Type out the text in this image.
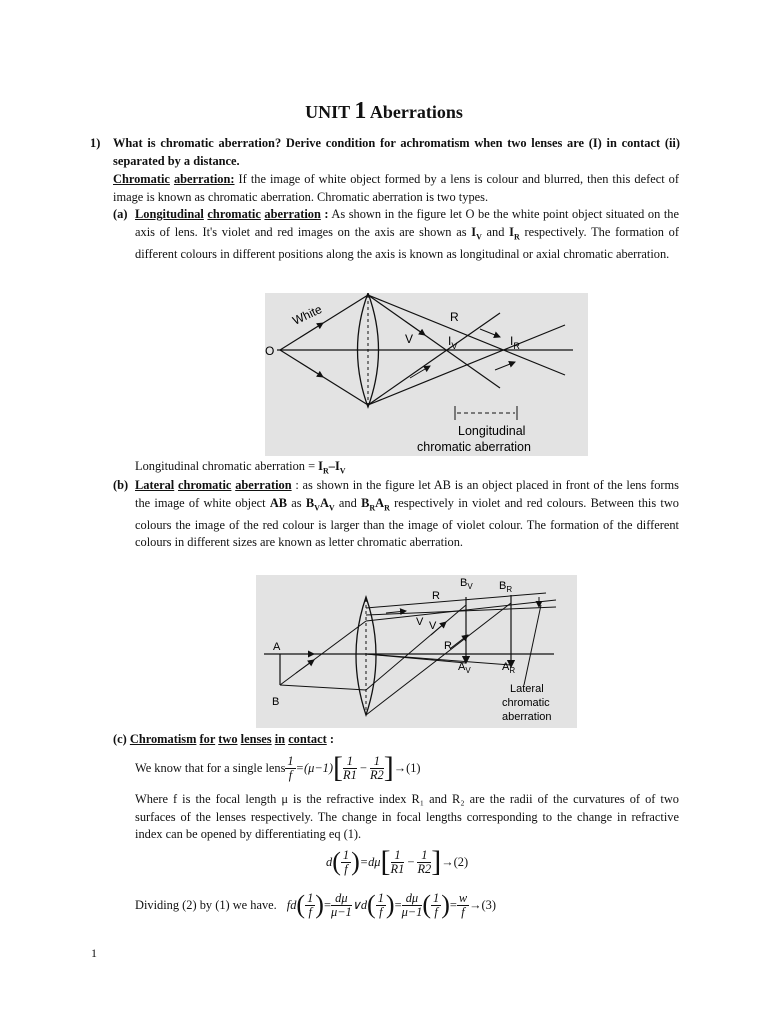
UNIT 1 Aberrations
1) What is chromatic aberration? Derive condition for achromatism when two lenses are (I) in contact (ii) separated by a distance.
Chromatic aberration: If the image of white object formed by a lens is colour and blurred, then this defect of image is known as chromatic aberration. Chromatic aberration is two types.
(a) Longitudinal chromatic aberration : As shown in the figure let O be the white point object situated on the axis of lens. It's violet and red images on the axis are shown as $I_V$ and $I_R$ respectively. The formation of different colours in different positions along the axis is known as longitudinal or axial chromatic aberration.
White
O
V
R
$I_V$	$I_R$
Longitudinal
chromatic aberration
Longitudinal chromatic aberration = $I_R-I_V$
(b) Lateral chromatic aberration : as shown in the figure let AB is an object placed in front of the lens forms the image of white object AB as $B_VA_V$ and $B_RA_R$ respectively in violet and red colours. Between this two colours the image of the red colour is larger than the image of violet colour. The formation of the different colours in different sizes are known as letter chromatic aberration.
A
B
R
R
V V
$B_V$ $B_R$
$A_V$	$A_R$
Lateral
chromatic
aberration
(c) Chromatism for two lenses in contact :
We know that for a single lens $\frac{1}{f} =(\mu-1)$ [ $\frac{1}{R1} - \frac{1}{R2}$ ] →(1)
Where f is the focal length μ is the refractive index R₁ and R₂ are the radii of the curvatures of of two surfaces of the lenses respectively. The change in focal lengths corresponding to the change in refractive index can be opened by differentiating eq (1).
d ( $\frac{1}{f}$ ) =dμ [ $\frac{1}{R1} - \frac{1}{R2}$ ] →(2)
Dividing (2) by (1) we have. fd ( $\frac{1}{f}$ ) = $\frac{d\mu}{\mu-1}$ ∨d ( $\frac{1}{f}$ ) = $\frac{d\mu}{\mu-1}$ ( $\frac{1}{f}$ ) = $\frac{w}{f} \to(3)$
1
